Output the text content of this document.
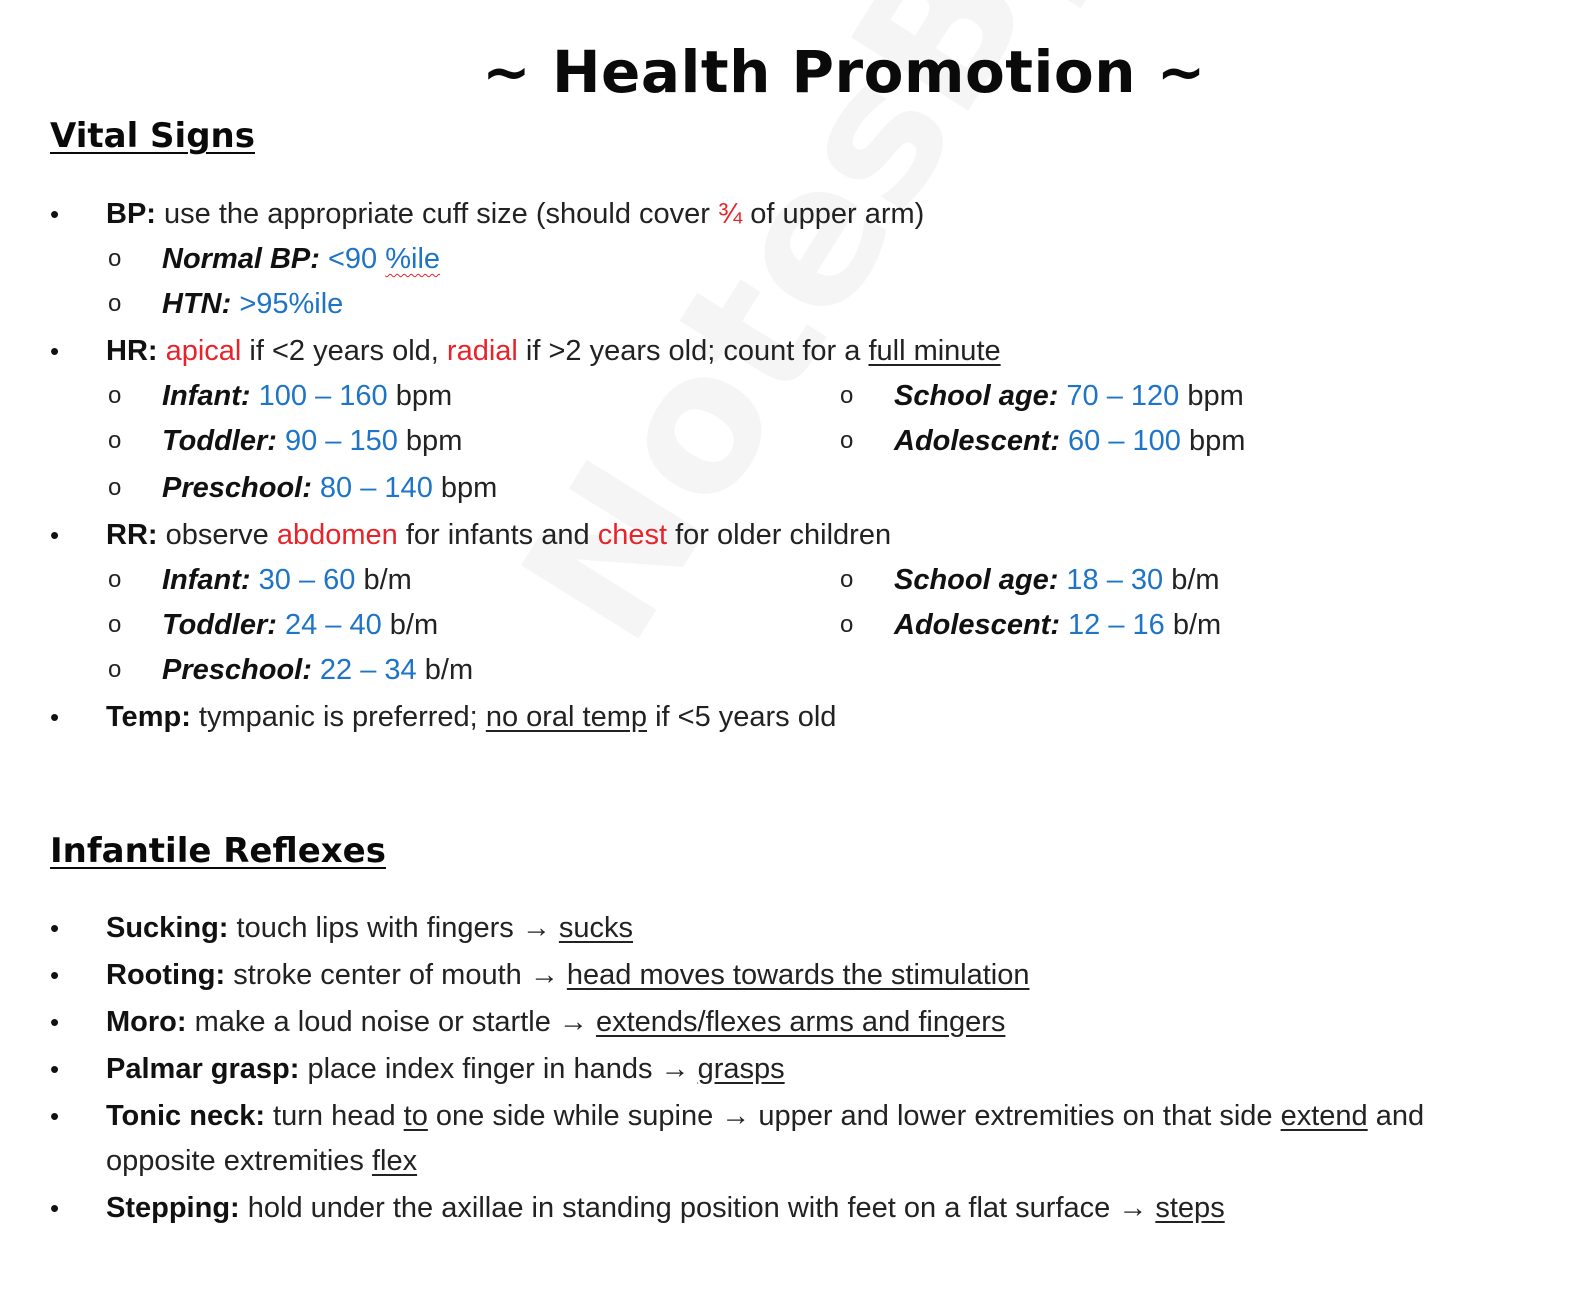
~ Health Promotion ~
Vital Signs
• BP: use the appropriate cuff size (should cover ¾ of upper arm)
o Normal BP: <90 %ile
o HTN: >95%ile
• HR: apical if <2 years old, radial if >2 years old; count for a full minute
o Infant: 100 – 160 bpm	o School age: 70 – 120 bpm
o Toddler: 90 – 150 bpm	o Adolescent: 60 – 100 bpm
o Preschool: 80 – 140 bpm
• RR: observe abdomen for infants and chest for older children
o Infant: 30 – 60 b/m	o School age: 18 – 30 b/m
o Toddler: 24 – 40 b/m	o Adolescent: 12 – 16 b/m
o Preschool: 22 – 34 b/m
• Temp: tympanic is preferred; no oral temp if <5 years old
Infantile Reflexes
• Sucking: touch lips with fingers → sucks
• Rooting: stroke center of mouth → head moves towards the stimulation
• Moro: make a loud noise or startle → extends/flexes arms and fingers
• Palmar grasp: place index finger in hands → grasps
• Tonic neck: turn head to one side while supine → upper and lower extremities on that side extend and
opposite extremities flex
• Stepping: hold under the axillae in standing position with feet on a flat surface → steps
